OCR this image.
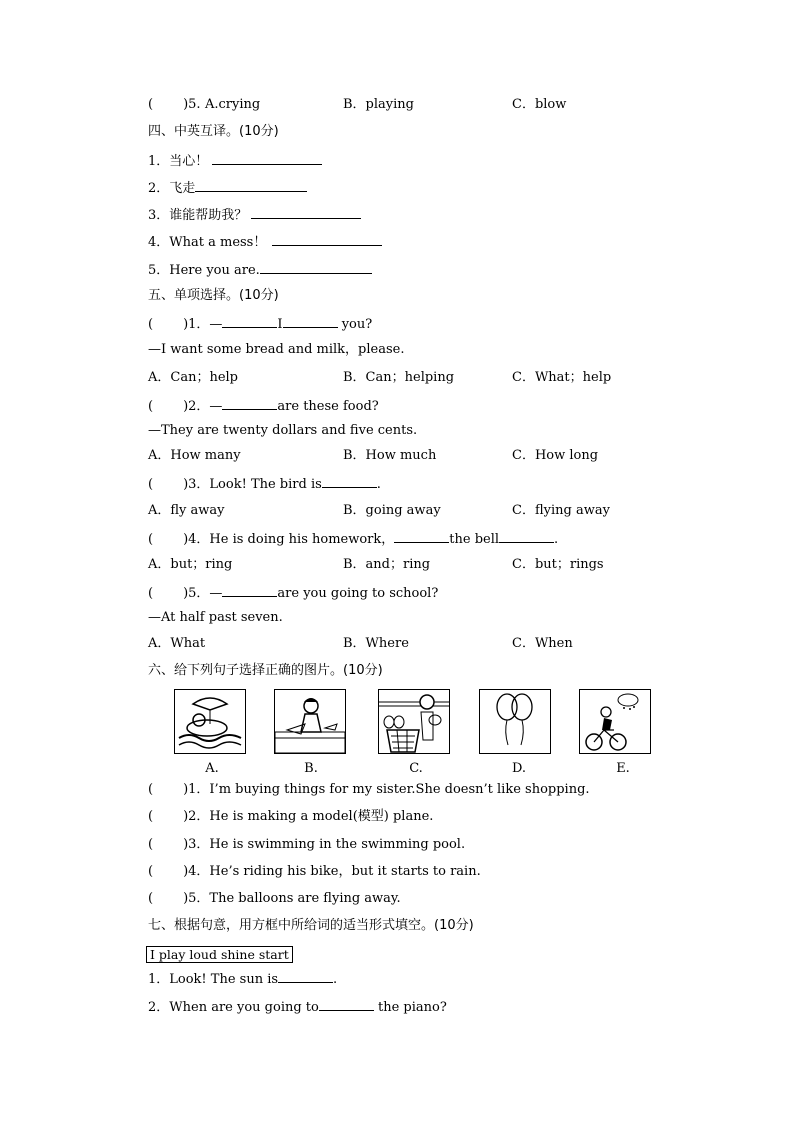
( )5. A.crying	B．playing	C．blow
四、中英互译。(10分)
1．当心！
2．飞走
3．谁能帮助我？
4．What a mess！
5．Here you are.
五、单项选择。(10分)
( )1．—	I	you?
—I want some bread and milk，please.
A．Can；help	B．Can；helping	C．What；help
( )2．—	are these food?
—They are twenty dollars and five cents.
A．How many	B．How much	C．How long
( )3．Look! The bird is	.
A．fly away	B．going away	C．flying away
( )4．He is doing his homework，	the bell	.
A．but；ring	B．and；ring	C．but；rings
( )5．—	are you going to school?
—At half past seven.
A．What	B．Where	C．When
六、给下列句子选择正确的图片。(10分)
A.	B.	C.	D.	E.
( )1．I’m buying things for my sister.She doesn’t like shopping.
( )2．He is making a model(模型) plane.
( )3．He is swimming in the swimming pool.
( )4．He’s riding his bike，but it starts to rain.
( )5．The balloons are flying away.
七、根据句意，用方框中所给词的适当形式填空。(10分)
I play loud shine start
1．Look! The sun is	.
2．When are you going to	the piano?
